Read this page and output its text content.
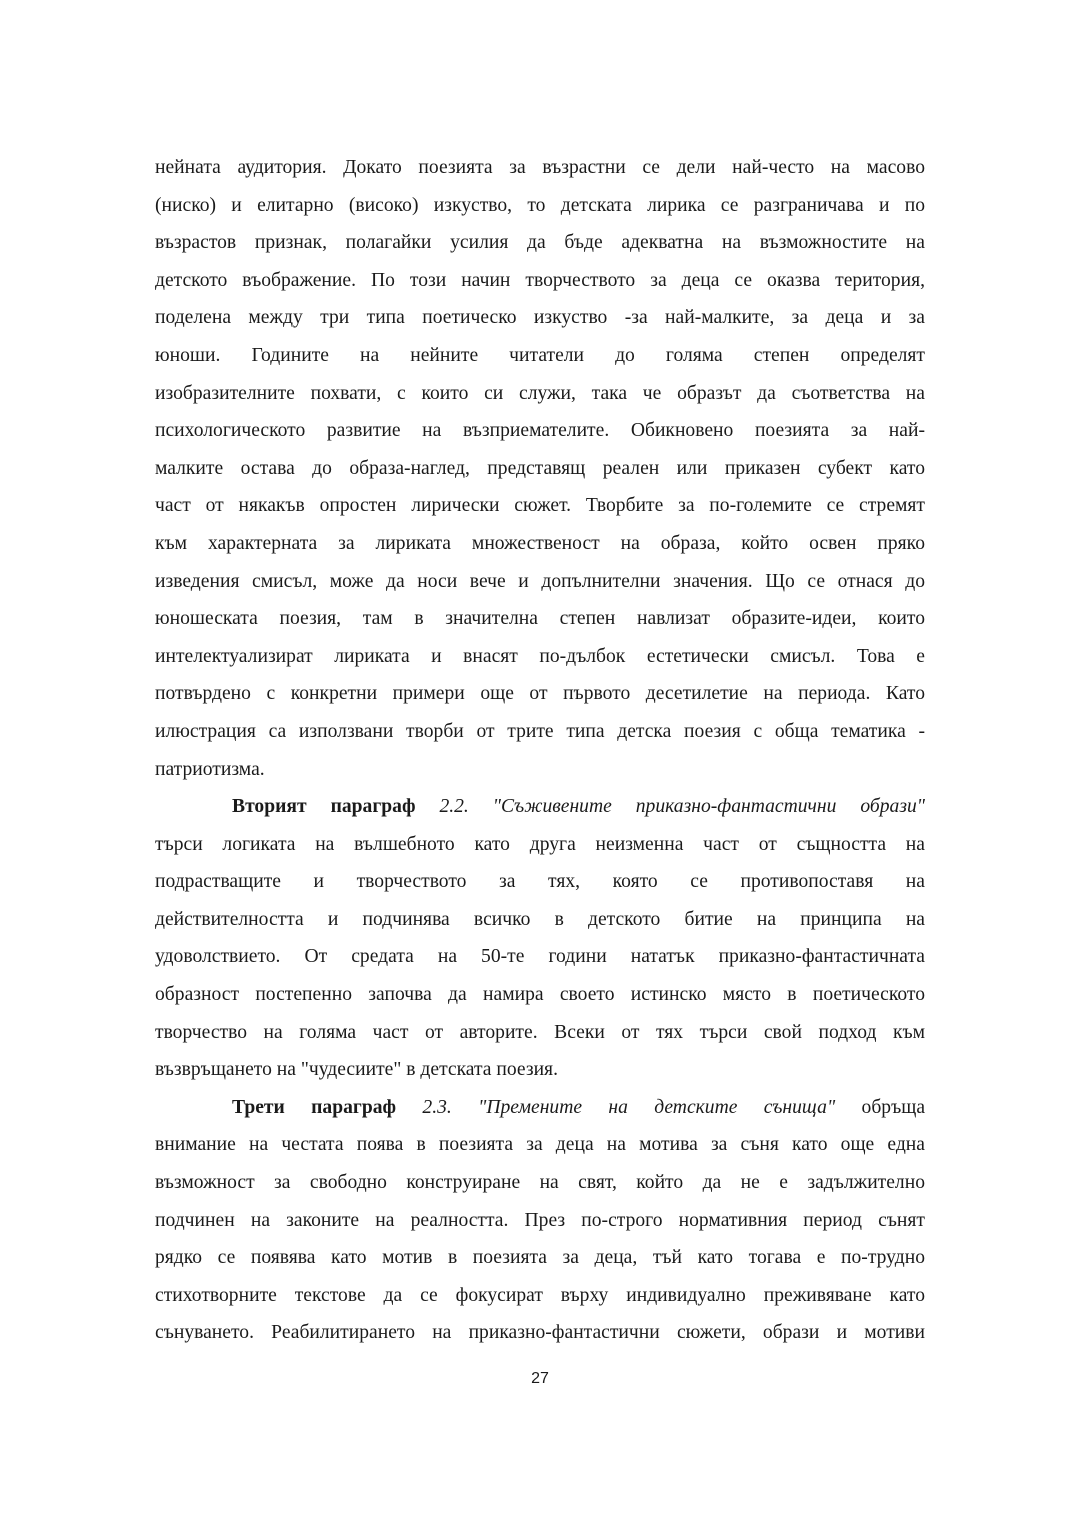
нейната аудитория. Докато поезията за възрастни се дели най-често на масово
(ниско) и елитарно (високо) изкуство, то детската лирика се разграничава и по
възрастов признак, полагайки усилия да бъде адекватна на възможностите на
детското въображение. По този начин творчеството за деца се оказва територия,
поделена между три типа поетическо изкуство -за най-малките, за деца и за
юноши. Годините на нейните читатели до голяма степен определят
изобразителните похвати, с които си служи, така че образът да съответства на
психологическото развитие на възприемателите. Обикновено поезията за най-
малките остава до образа-наглед, представящ реален или приказен субект като
част от някакъв опростен лирически сюжет. Творбите за по-големите се стремят
към характерната за лириката множественост на образа, който освен пряко
изведения смисъл, може да носи вече и допълнителни значения. Що се отнася до
юношеската поезия, там в значителна степен навлизат образите-идеи, които
интелектуализират лириката и внасят по-дълбок естетически смисъл. Това е
потвърдено с конкретни примери още от първото десетилетие на периода. Като
илюстрация са използвани творби от трите типа детска поезия с обща тематика -
патриотизма.
Вторият параграф 2.2. "Съживените приказно-фантастични образи"
търси логиката на вълшебното като друга неизменна част от същността на
подрастващите и творчеството за тях, която се противопоставя на
действителността и подчинява всичко в детското битие на принципа на
удоволствието. От средата на 50-те години нататък приказно-фантастичната
образност постепенно започва да намира своето истинско място в поетическото
творчество на голяма част от авторите. Всеки от тях търси свой подход към
възвръщането на "чудесиите" в детската поезия.
Трети параграф 2.3. "Премените на детските сънища" обръща
внимание на честата поява в поезията за деца на мотива за съня като още една
възможност за свободно конструиране на свят, който да не е задължително
подчинен на законите на реалността. През по-строго нормативния период сънят
рядко се появява като мотив в поезията за деца, тъй като тогава е по-трудно
стихотворните текстове да се фокусират върху индивидуално преживяване като
сънуването. Реабилитирането на приказно-фантастични сюжети, образи и мотиви
27
